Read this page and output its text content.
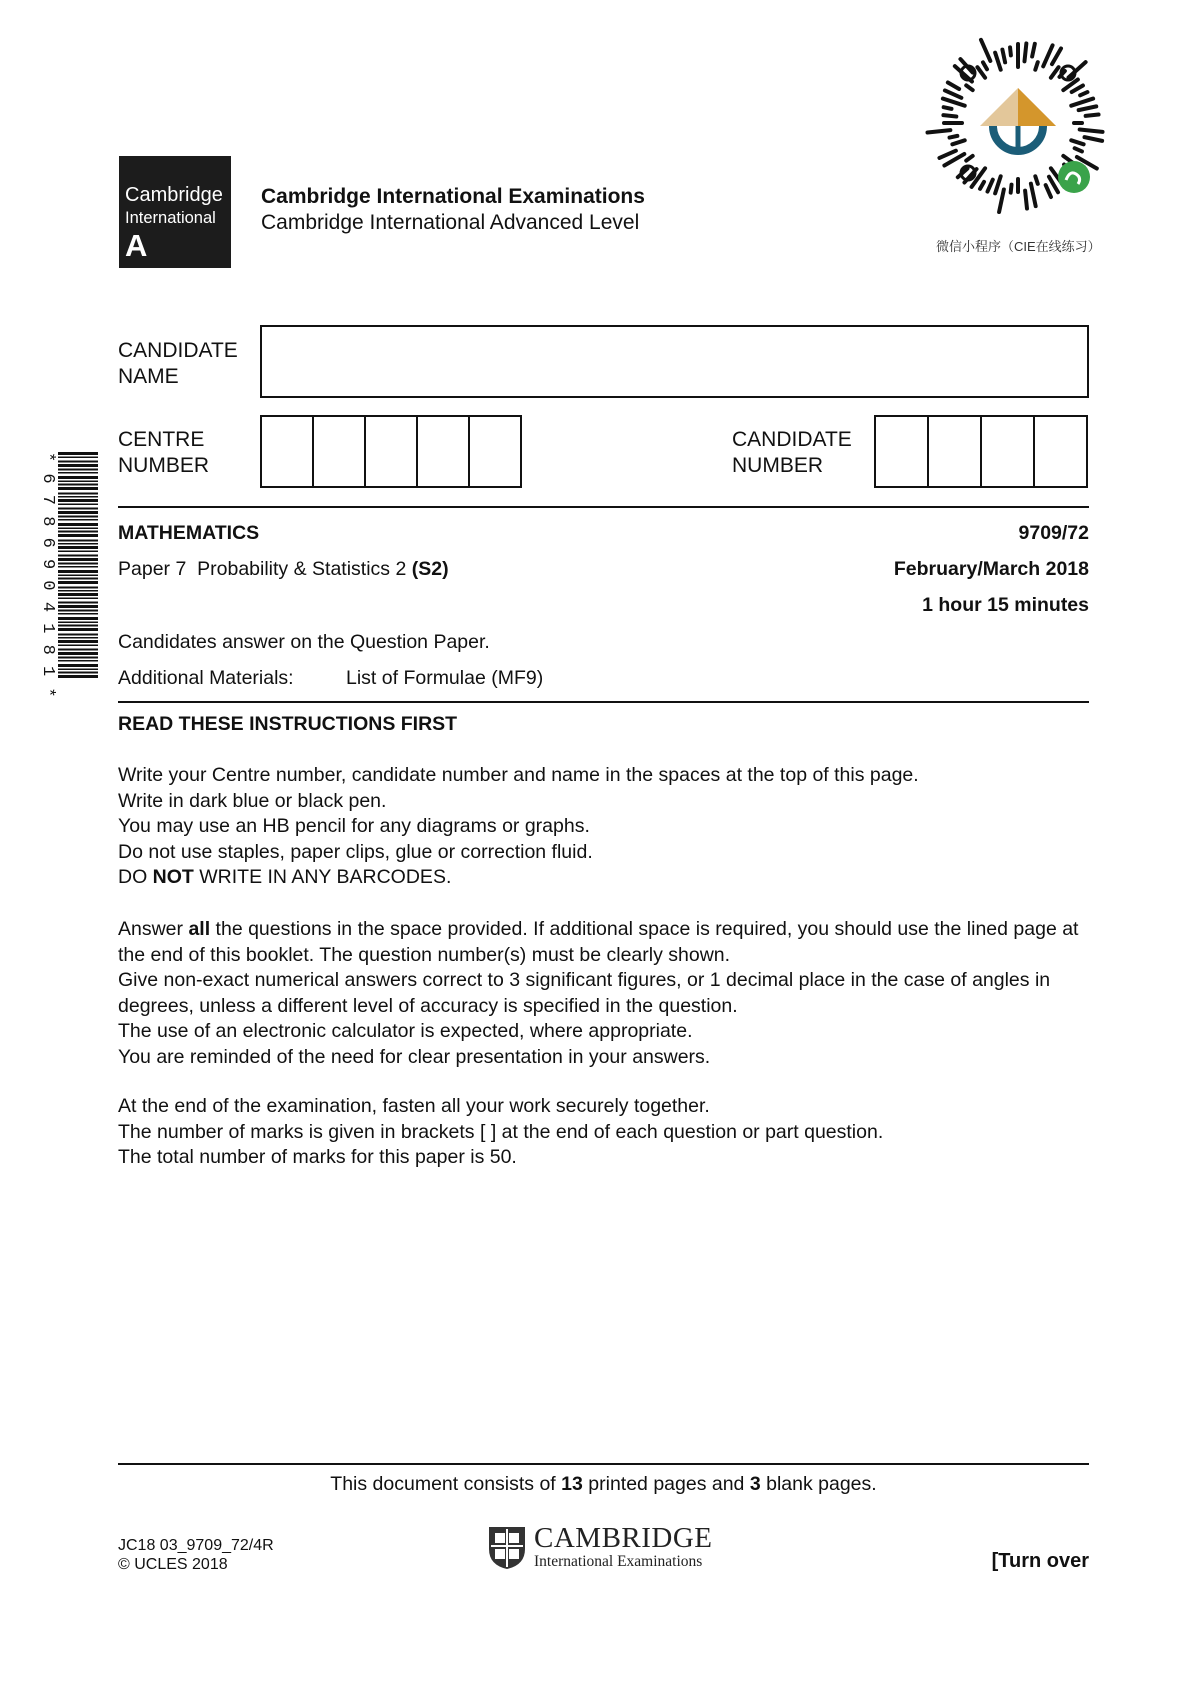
Cambridge
International
A Level
Cambridge International Examinations
Cambridge International Advanced Level
微信小程序（CIE在线练习）
CANDIDATE
NAME
CENTRE
NUMBER
CANDIDATE
NUMBER
* 6 7 8 6 9 0 4 1 8 1 *	MATHEMATICS	9709/72
Paper 7  Probability & Statistics 2 (S2)	February/March 2018
1 hour 15 minutes
Candidates answer on the Question Paper.
Additional Materials:	List of Formulae (MF9)
READ THESE INSTRUCTIONS FIRST

Write your Centre number, candidate number and name in the spaces at the top of this page.

Write in dark blue or black pen.

You may use an HB pencil for any diagrams or graphs.

Do not use staples, paper clips, glue or correction fluid.

DO NOT WRITE IN ANY BARCODES.

Answer all the questions in the space provided. If additional space is required, you should use the lined page at the end of this booklet. The question number(s) must be clearly shown.

Give non-exact numerical answers correct to 3 significant figures, or 1 decimal place in the case of angles in degrees, unless a different level of accuracy is specified in the question.

The use of an electronic calculator is expected, where appropriate.

You are reminded of the need for clear presentation in your answers.

At the end of the examination, fasten all your work securely together.

The number of marks is given in brackets [ ] at the end of each question or part question.

The total number of marks for this paper is 50.

This document consists of 13 printed pages and 3 blank pages.
JC18 03_9709_72/4R
© UCLES 2018
CAMBRIDGE
International Examinations	[Turn over
